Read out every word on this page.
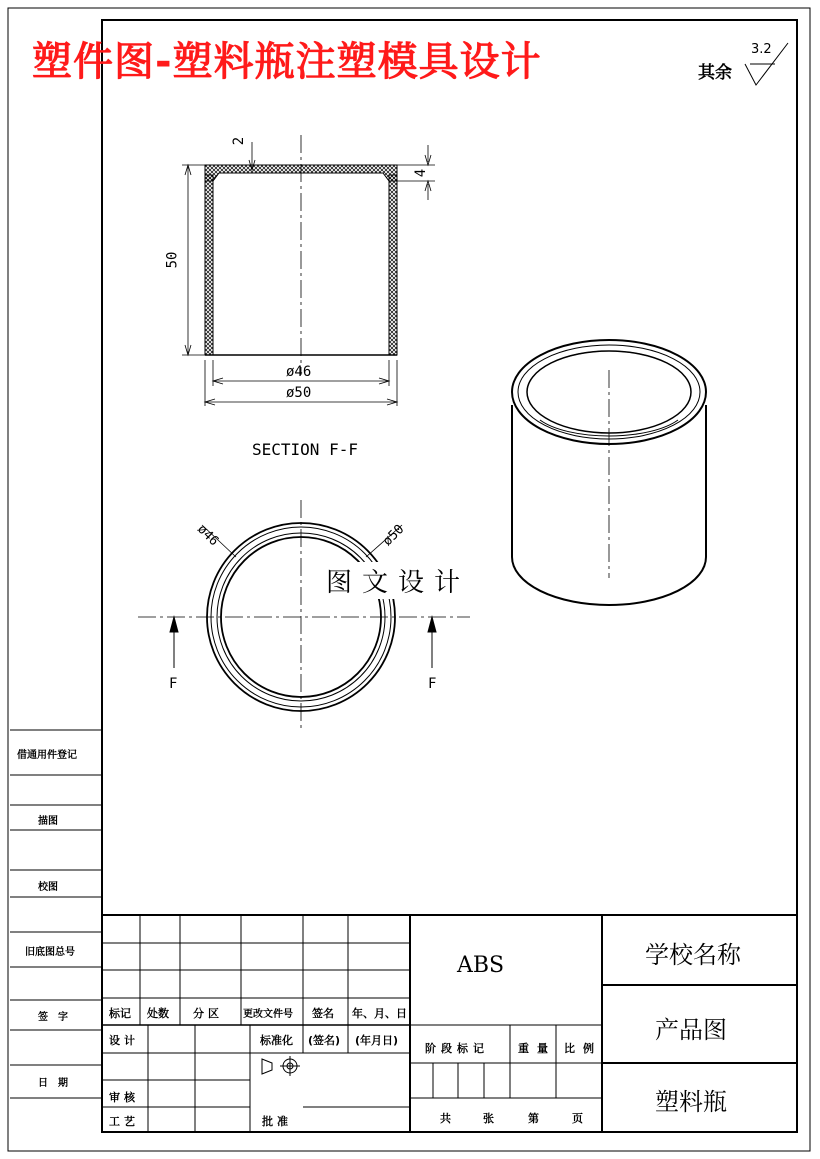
塑件图-塑料瓶注塑模具设计	其余
3.2
2
4
50
ø46
ø50
SECTION F-F
ø46	ø50
F	F
图文设计
借通用件登记
描图
校图
旧底图总号
签字
日期
标记 处数 分区 更改文件号 签名 年、月、日
设计	标准化 (签名) (年月日)
审核
工艺	批准
ABS
阶段标记	重量 比例
共	张	第	页
学校名称
产品图
塑料瓶
